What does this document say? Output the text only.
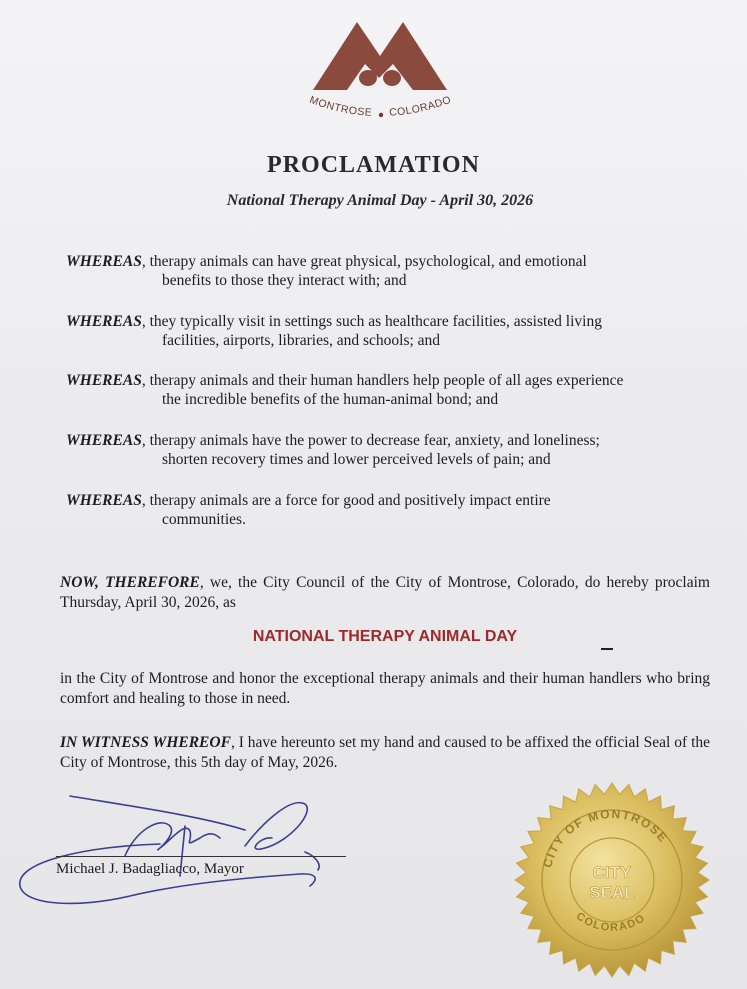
MONTROSE COLORADO
PROCLAMATION
National Therapy Animal Day - April 30, 2026
WHEREAS, therapy animals can have great physical, psychological, and emotional
benefits to those they interact with; and
WHEREAS, they typically visit in settings such as healthcare facilities, assisted living
facilities, airports, libraries, and schools; and
WHEREAS, therapy animals and their human handlers help people of all ages experience
the incredible benefits of the human-animal bond; and
WHEREAS, therapy animals have the power to decrease fear, anxiety, and loneliness;
shorten recovery times and lower perceived levels of pain; and
WHEREAS, therapy animals are a force for good and positively impact entire
communities.
NOW, THEREFORE, we, the City Council of the City of Montrose, Colorado, do hereby proclaim Thursday, April 30, 2026, as
NATIONAL THERAPY ANIMAL DAY
in the City of Montrose and honor the exceptional therapy animals and their human handlers who bring comfort and healing to those in need.
IN WITNESS WHEREOF, I have hereunto set my hand and caused to be affixed the official Seal of the City of Montrose, this 5th day of May, 2026.
Michael J. Badagliacco, Mayor	CITY OF MONTROSE
COLORADO
CITY
SEAL
